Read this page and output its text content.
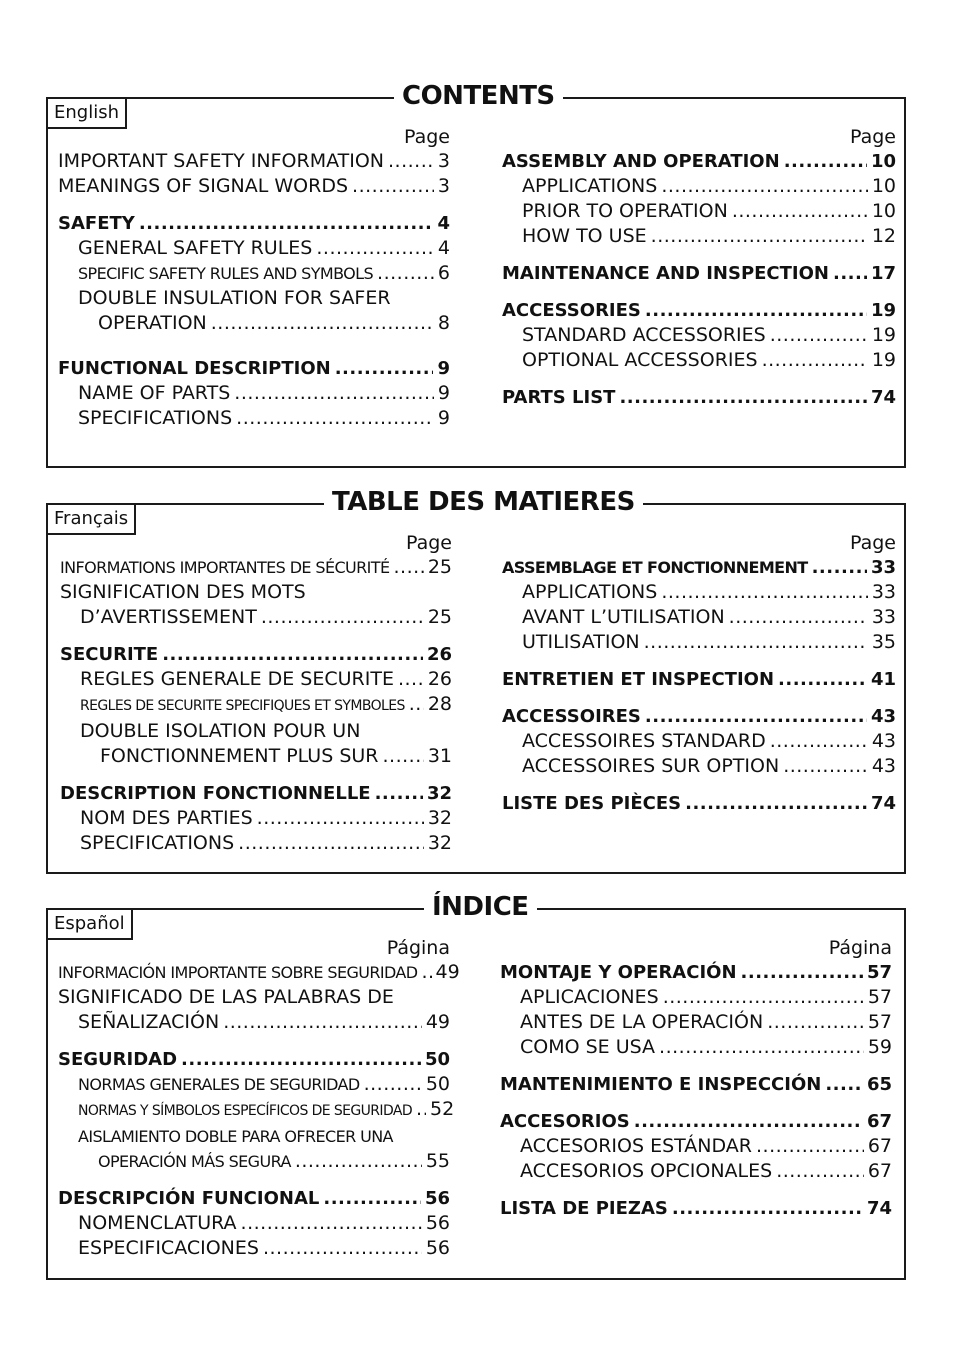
English
CONTENTS
Page
IMPORTANT SAFETY INFORMATION .....	3
MEANINGS OF SIGNAL WORDS .....	3
SAFETY .....	4
GENERAL SAFETY RULES .....	4
SPECIFIC SAFETY RULES AND SYMBOLS .....	6
DOUBLE INSULATION FOR SAFER
OPERATION .....	8
FUNCTIONAL DESCRIPTION .....	9
NAME OF PARTS .....	9
SPECIFICATIONS .....	9
Page
ASSEMBLY AND OPERATION .....	10
APPLICATIONS .....	10
PRIOR TO OPERATION .....	10
HOW TO USE .....	12
MAINTENANCE AND INSPECTION ..... 17
ACCESSORIES .....	19
STANDARD ACCESSORIES .....	19
OPTIONAL ACCESSORIES .....	19
PARTS LIST .....	74
Français
TABLE DES MATIERES
Page
INFORMATIONS IMPORTANTES DE SÉCURITÉ ..... 25
SIGNIFICATION DES MOTS
D’AVERTISSEMENT .....	25
SECURITE .....	26
REGLES GENERALE DE SECURITE ..... 26
REGLES DE SECURITE SPECIFIQUES ET SYMBOLES ..... 28
DOUBLE ISOLATION POUR UN
FONCTIONNEMENT PLUS SUR .....	31
DESCRIPTION FONCTIONNELLE .....	32
NOM DES PARTIES .....	32
SPECIFICATIONS .....	32
Page
ASSEMBLAGE ET FONCTIONNEMENT .....	33
APPLICATIONS .....	33
AVANT L’UTILISATION .....	33
UTILISATION .....	35
ENTRETIEN ET INSPECTION .....	41
ACCESSOIRES .....	43
ACCESSOIRES STANDARD .....	43
ACCESSOIRES SUR OPTION .....	43
LISTE DES PIÈCES .....	74
Español
ÍNDICE
Página
INFORMACIÓN IMPORTANTE SOBRE SEGURIDAD ..... 49
SIGNIFICADO DE LAS PALABRAS DE
SEÑALIZACIÓN .....	49
SEGURIDAD .....	50
NORMAS GENERALES DE SEGURIDAD .....	50
NORMAS Y SÍMBOLOS ESPECÍFICOS DE SEGURIDAD ..... 52
AISLAMIENTO DOBLE PARA OFRECER UNA
OPERACIÓN MÁS SEGURA .....	55
DESCRIPCIÓN FUNCIONAL .....	56
NOMENCLATURA .....	56
ESPECIFICACIONES .....	56
Página
MONTAJE Y OPERACIÓN .....	57
APLICACIONES .....	57
ANTES DE LA OPERACIÓN .....	57
COMO SE USA .....	59
MANTENIMIENTO E INSPECCIÓN .....	65
ACCESORIOS .....	67
ACCESORIOS ESTÁNDAR .....	67
ACCESORIOS OPCIONALES .....	67
LISTA DE PIEZAS .....	74
